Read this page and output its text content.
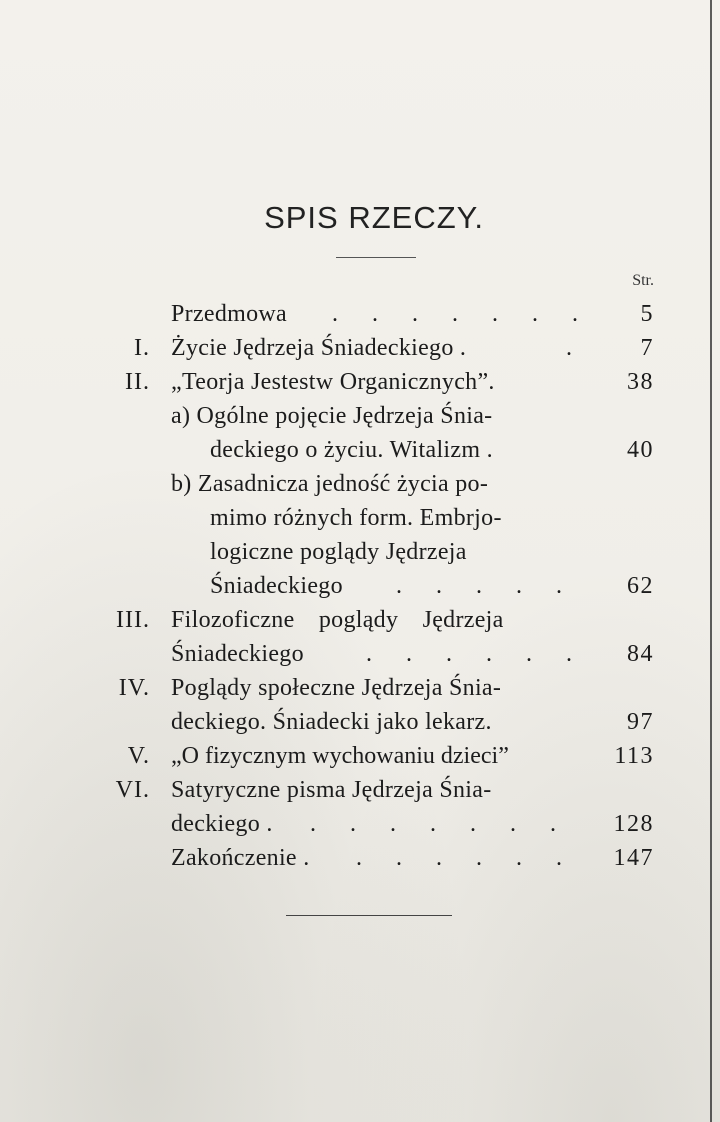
SPIS RZECZY.
Str.
Przedmowa . . . . . . .	5
I. Życie Jędrzeja Śniadeckiego .	.	7
II. „Teorja Jestestw Organicznych”.	38
a) Ogólne pojęcie Jędrzeja Śnia-
deckiego o życiu. Witalizm .	40
b) Zasadnicza jedność życia po-
mimo różnych form. Embrjo-
logiczne poglądy Jędrzeja
Śniadeckiego . . . . .	62
III. Filozoficzne poglądy Jędrzeja
Śniadeckiego	. . . . . .	84
IV. Poglądy społeczne Jędrzeja Śnia-
deckiego. Śniadecki jako lekarz.	97
V. „O fizycznym wychowaniu dzieci”	113
VI. Satyryczne pisma Jędrzeja Śnia-
deckiego . . . . . . . .	128
Zakończenie . . . . . . .	147
